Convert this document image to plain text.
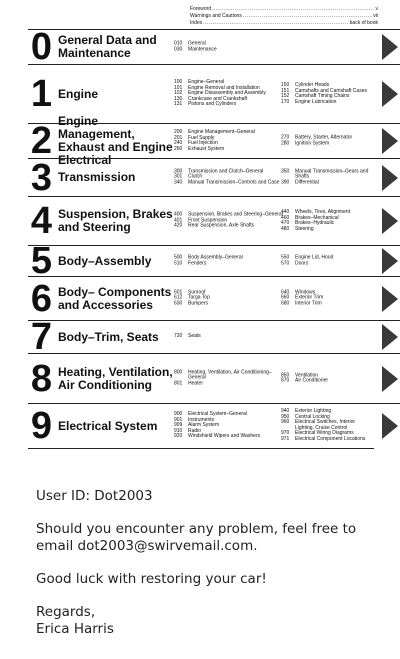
Foreword .....	v
Warnings and Cautions .....	vii
Index .....	back of book
0 General Data and Maintenance
010	General
030	Maintenance
1 Engine
100	Engine–General
101	Engine Removal and Installation
102	Engine Disassembly and Assembly
130	Crankcase and Crankshaft
131	Pistons and Cylinders
150	Cylinder Heads
151	Camshafts and Camshaft Cases
152	Camshaft Timing Chains
170	Engine Lubrication
2 Engine Management, Exhaust and Engine Electrical
200	Engine Management–General
201	Fuel Supply
240	Fuel Injection
260	Exhaust System
270	Battery, Starter, Alternator
280	Ignition System
3 Transmission	300	Transmission and Clutch–General
301	Clutch
340	Manual Transmission–Controls and Case
350	Manual Transmission–Gears and Shafts
390	Differential
4 Suspension, Brakes and Steering
400	Suspension, Brakes and Steering–General
401	Front Suspension
420	Rear Suspension, Axle Shafts
440	Wheels, Tires, Alignment
460	Brakes–Mechanical
470	Brakes–Hydraulic
480	Steering
5 Body–Assembly	500	Body Assembly–General
510	Fenders
550	Engine Lid, Hood
570	Doors
6 Body– Components and Accessories
601	Sunroof
612	Targa Top
630	Bumpers
640	Windows
660	Exterior Trim
680	Interior Trim
7 Body–Trim, Seats	720	Seats
8 Heating, Ventilation, Air Conditioning
800	Heating, Ventilation, Air Conditioning–General
801	Heater
850	Ventilation
870	Air Conditioner
9 Electrical System
900	Electrical System–General
901	Instruments
909	Alarm System
910	Radio
920	Windshield Wipers and Washers
940	Exterior Lighting
950	Central Locking
960	Electrical Switches, Interior Lighting, Cruise Control
970	Electrical Wiring Diagrams
971	Electrical Component Locations

User ID: Dot2003

Should you encounter any problem, feel free to email dot2003@swirvemail.com.

Good luck with restoring your car!

Regards,
Erica Harris
